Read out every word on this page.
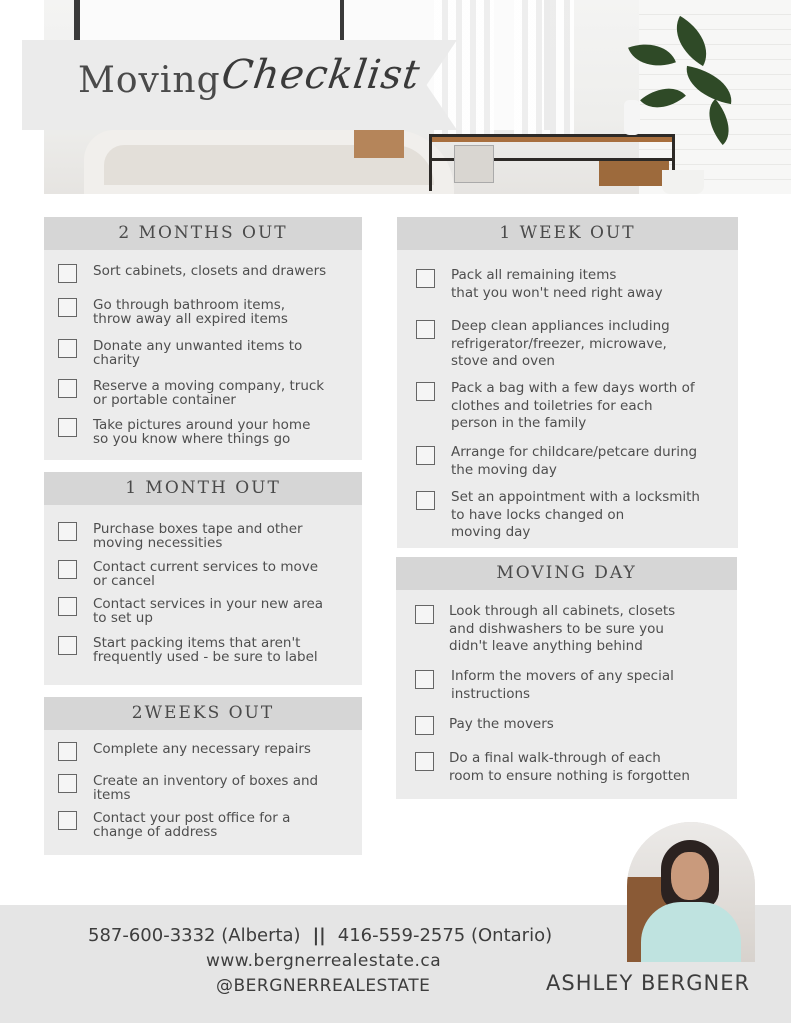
Moving
Checklist
2 MONTHS OUT
Sort cabinets, closets and drawers
Go through bathroom items,
throw away all expired items
Donate any unwanted items to
charity
Reserve a moving company, truck
or portable container
Take pictures around your home
so you know where things go
1 MONTH OUT
Purchase boxes tape and other
moving necessities
Contact current services to move
or cancel
Contact services in your new area
to set up
Start packing items that aren't
frequently used - be sure to label
2WEEKS OUT
Complete any necessary repairs
Create an inventory of boxes and
items
Contact your post office for a
change of address
1 WEEK OUT
Pack all remaining items
that you won't need right away
Deep clean appliances including
refrigerator/freezer, microwave,
stove and oven
Pack a bag with a few days worth of
clothes and toiletries for each
person in the family
Arrange for childcare/petcare during
the moving day
Set an appointment with a locksmith
to have locks changed on
moving day
MOVING DAY
Look through all cabinets, closets
and dishwashers to be sure you
didn't leave anything behind
Inform the movers of any special
instructions
Pay the movers
Do a final walk-through of each
room to ensure nothing is forgotten
587-600-3332 (Alberta) || 416-559-2575 (Ontario)
www.bergnerrealestate.ca
@BERGNERREALESTATE	ASHLEY BERGNER
